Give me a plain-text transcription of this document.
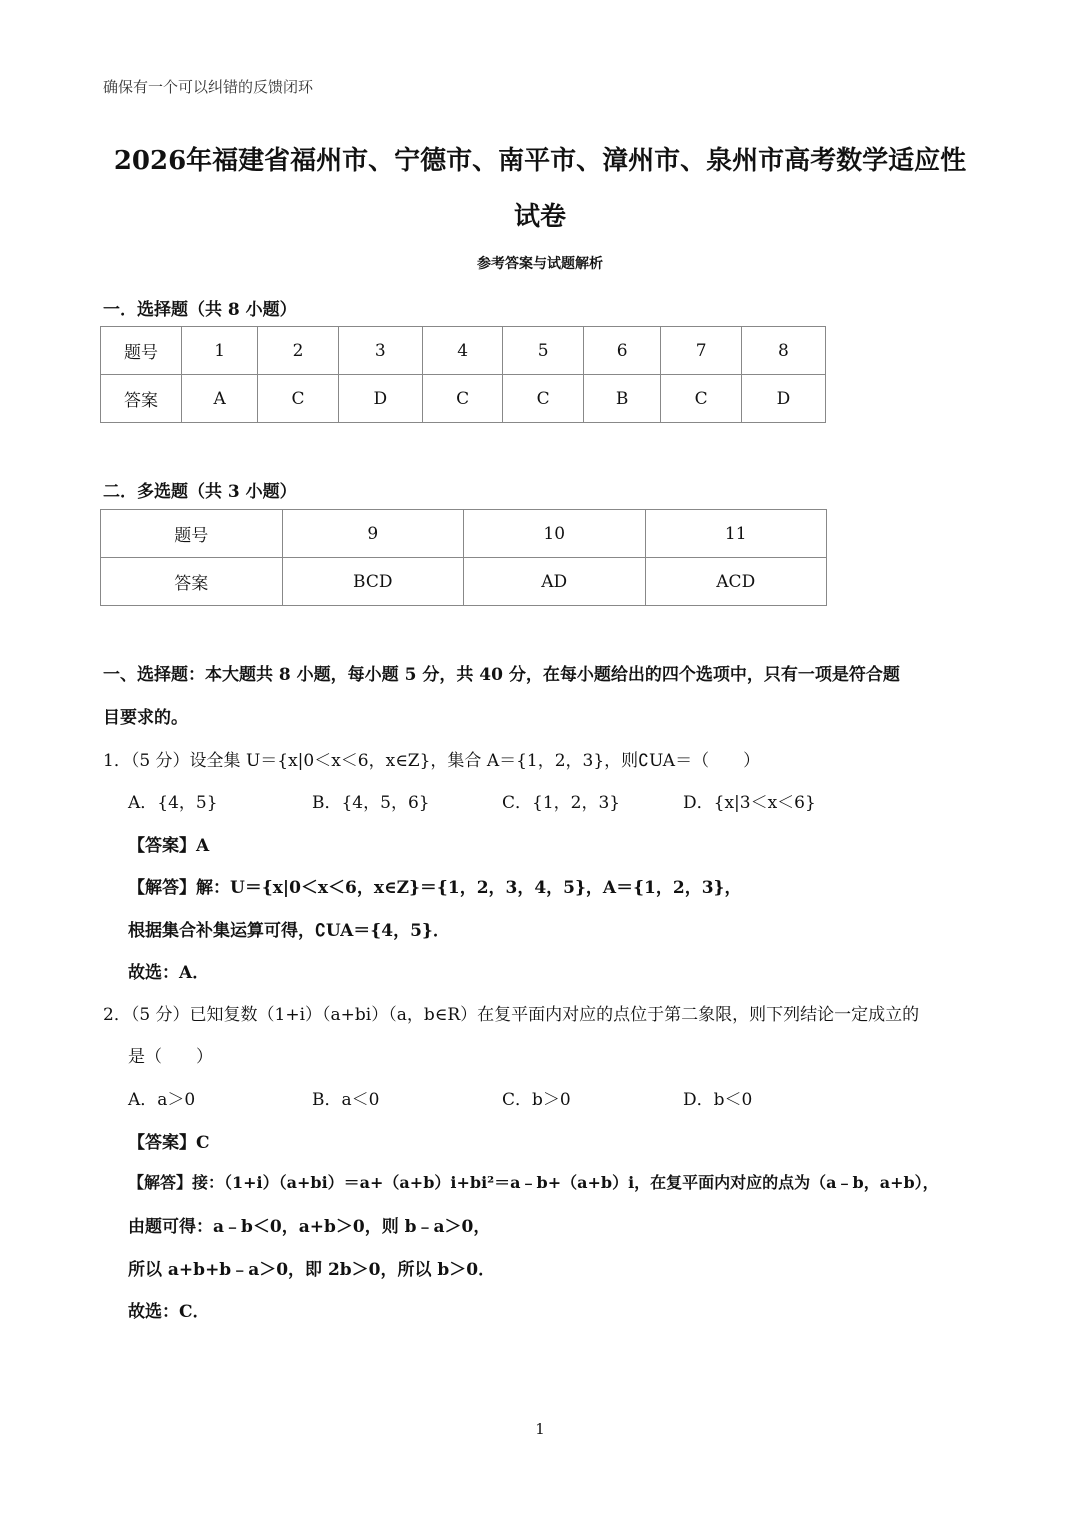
确保有一个可以纠错的反馈闭环
2026年福建省福州市、宁德市、南平市、漳州市、泉州市高考数学适应性
试卷
参考答案与试题解析
一．选择题（共 8 小题）
题号	1	2	3	4	5	6	7	8
答案	A	C	D	C	C	B	C	D
二．多选题（共 3 小题）
题号	9	10	11
答案	BCD	AD	ACD
一、选择题：本大题共 8 小题，每小题 5 分，共 40 分，在每小题给出的四个选项中，只有一项是符合题
目要求的。
1．（5 分）设全集 U＝{x|0＜x＜6，x∈Z}，集合 A＝{1，2，3}，则∁UA＝（　　）
A．{4，5}	B．{4，5，6}	C．{1，2，3}	D．{x|3＜x＜6}
【答案】A
【解答】解：U＝{x|0＜x＜6，x∈Z}＝{1，2，3，4，5}，A＝{1，2，3}，
根据集合补集运算可得，∁UA＝{4，5}．
故选：A．
2．（5 分）已知复数（1+i）（a+bi）（a，b∈R）在复平面内对应的点位于第二象限，则下列结论一定成立的
是（　　）
A．a＞0	B．a＜0	C．b＞0	D．b＜0
【答案】C
【解答】接：（1+i）（a+bi）＝a+（a+b）i+bi²＝a﹣b+（a+b）i，在复平面内对应的点为（a﹣b，a+b），
由题可得：a﹣b＜0，a+b＞0，则 b﹣a＞0，
所以 a+b+b﹣a＞0，即 2b＞0，所以 b＞0．
故选：C．
1
